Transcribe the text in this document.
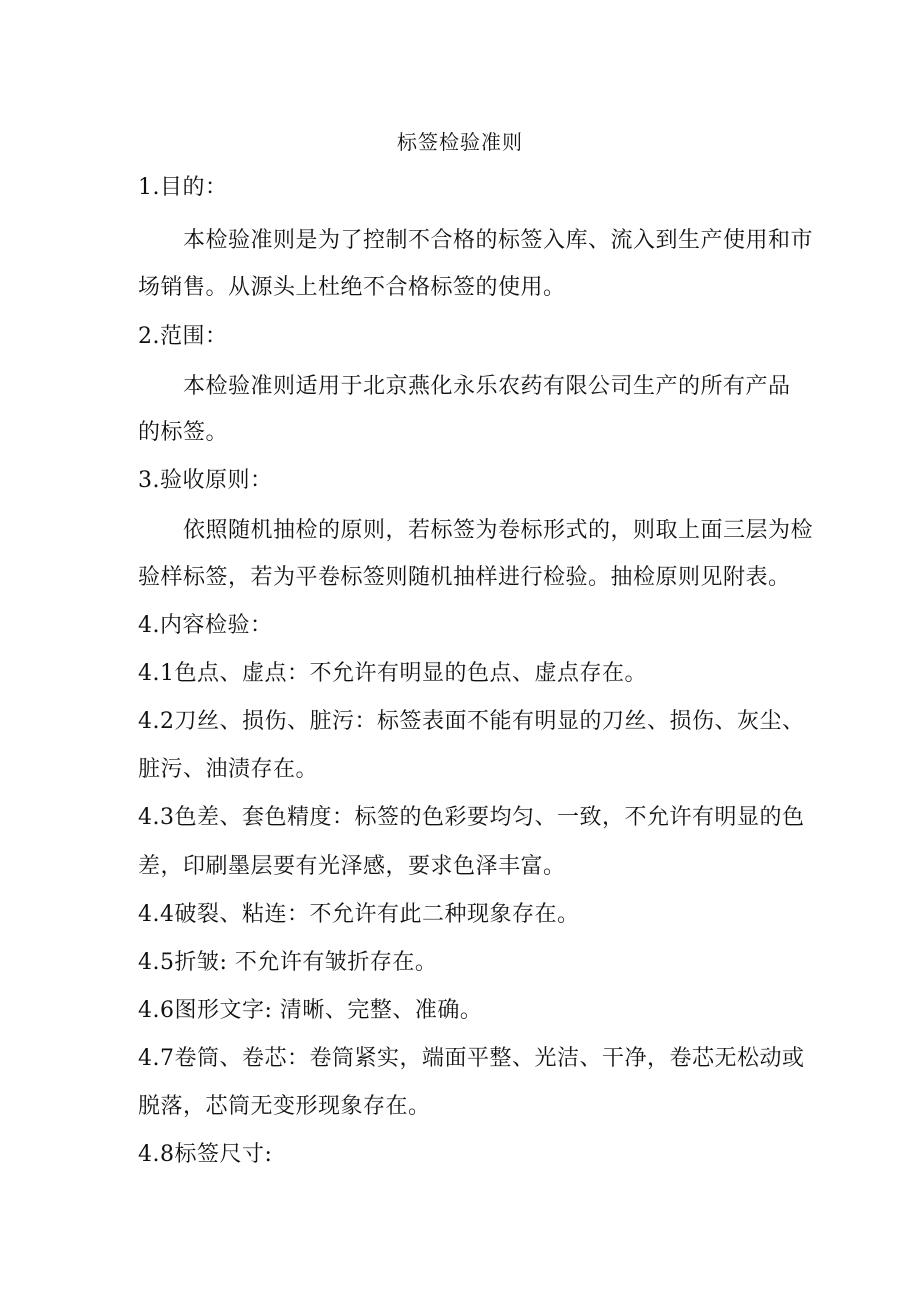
标签检验准则
1.目的：
本检验准则是为了控制不合格的标签入库、流入到生产使用和市
场销售。从源头上杜绝不合格标签的使用。
2.范围：
本检验准则适用于北京燕化永乐农药有限公司生产的所有产品
的标签。
3.验收原则：
依照随机抽检的原则，若标签为卷标形式的，则取上面三层为检
验样标签，若为平卷标签则随机抽样进行检验。抽检原则见附表。
4.内容检验：
4.1色点、虚点：不允许有明显的色点、虚点存在。
4.2刀丝、损伤、脏污：标签表面不能有明显的刀丝、损伤、灰尘、
脏污、油渍存在。
4.3色差、套色精度：标签的色彩要均匀、一致，不允许有明显的色
差，印刷墨层要有光泽感，要求色泽丰富。
4.4破裂、粘连：不允许有此二种现象存在。
4.5折皱: 不允许有皱折存在。
4.6图形文字: 清晰、完整、准确。
4.7卷筒、卷芯：卷筒紧实，端面平整、光洁、干净，卷芯无松动或
脱落，芯筒无变形现象存在。
4.8标签尺寸:
